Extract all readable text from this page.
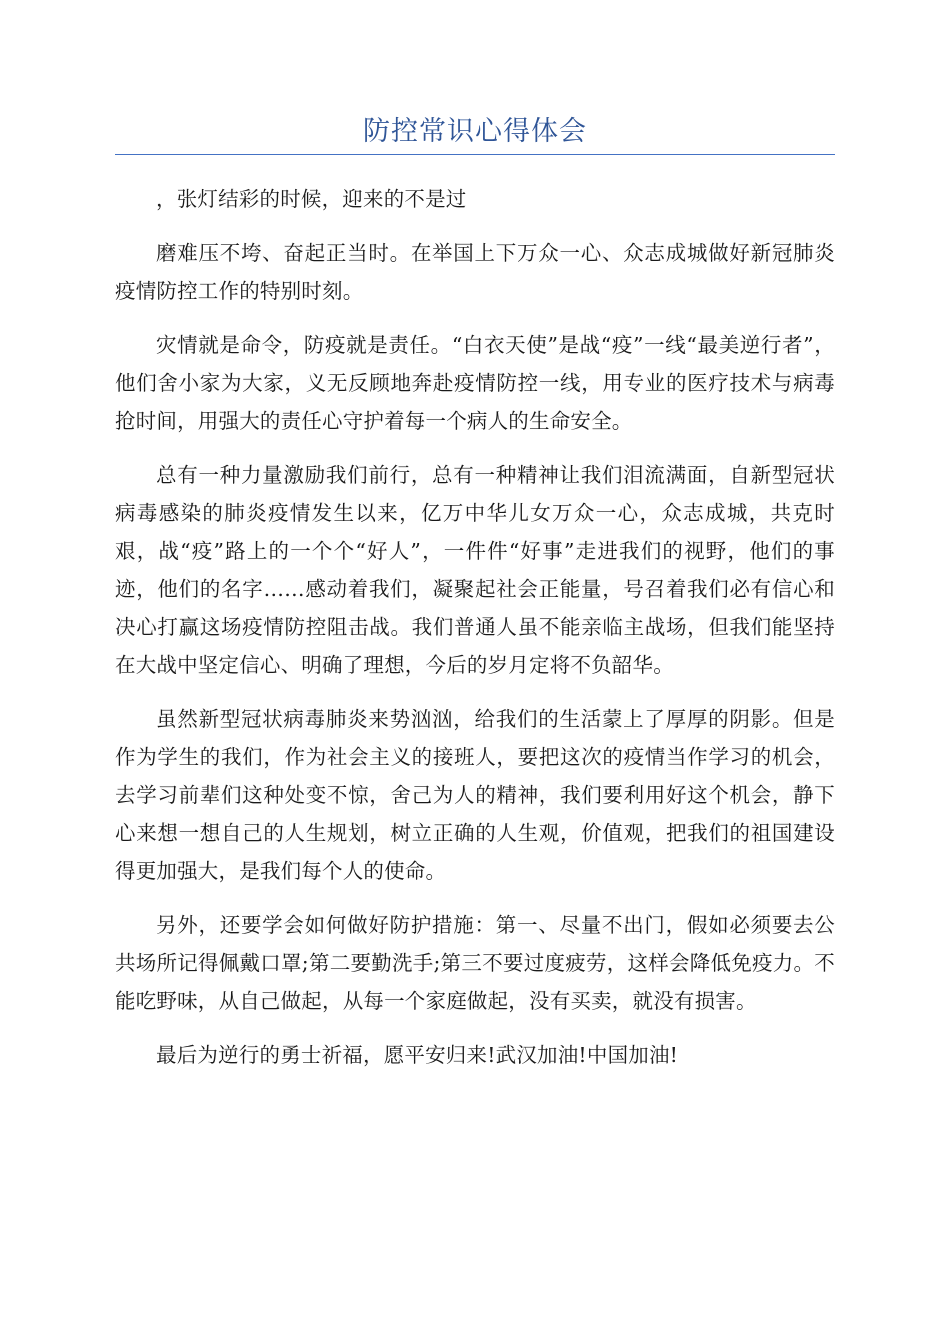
防控常识心得体会

，张灯结彩的时候，迎来的不是过

磨难压不垮、奋起正当时。在举国上下万众一心、众志成城做好新冠肺炎疫情防控工作的特别时刻。

灾情就是命令，防疫就是责任。“白衣天使”是战“疫”一线“最美逆行者”，他们舍小家为大家，义无反顾地奔赴疫情防控一线，用专业的医疗技术与病毒抢时间，用强大的责任心守护着每一个病人的生命安全。

总有一种力量激励我们前行，总有一种精神让我们泪流满面，自新型冠状病毒感染的肺炎疫情发生以来，亿万中华儿女万众一心，众志成城，共克时艰，战“疫”路上的一个个“好人”，一件件“好事”走进我们的视野，他们的事迹，他们的名字……感动着我们，凝聚起社会正能量，号召着我们必有信心和决心打赢这场疫情防控阻击战。我们普通人虽不能亲临主战场，但我们能坚持在大战中坚定信心、明确了理想，今后的岁月定将不负韶华。

虽然新型冠状病毒肺炎来势汹汹，给我们的生活蒙上了厚厚的阴影。但是作为学生的我们，作为社会主义的接班人，要把这次的疫情当作学习的机会，去学习前辈们这种处变不惊，舍己为人的精神，我们要利用好这个机会，静下心来想一想自己的人生规划，树立正确的人生观，价值观，把我们的祖国建设得更加强大，是我们每个人的使命。

另外，还要学会如何做好防护措施：第一、尽量不出门，假如必须要去公共场所记得佩戴口罩;第二要勤洗手;第三不要过度疲劳，这样会降低免疫力。不能吃野味，从自己做起，从每一个家庭做起，没有买卖，就没有损害。

最后为逆行的勇士祈福，愿平安归来!武汉加油!中国加油!
